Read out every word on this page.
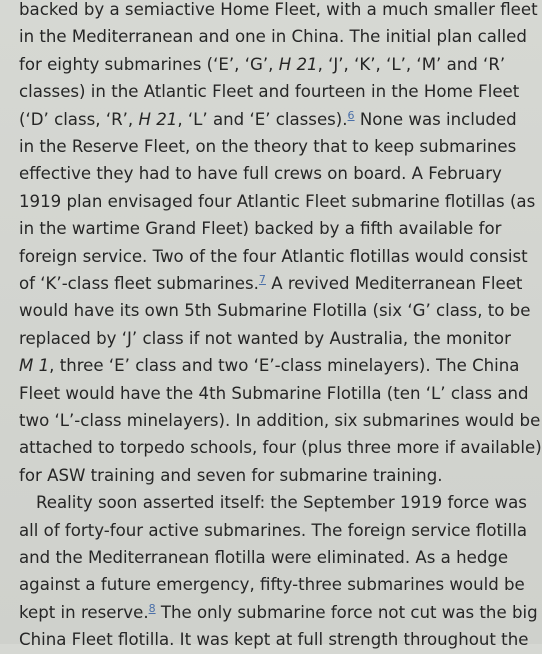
backed by a semiactive Home Fleet, with a much smaller fleet
in the Mediterranean and one in China. The initial plan called
for eighty submarines (‘E’, ‘G’, H 21, ‘J’, ‘K’, ‘L’, ‘M’ and ‘R’
classes) in the Atlantic Fleet and fourteen in the Home Fleet
(‘D’ class, ‘R’, H 21, ‘L’ and ‘E’ classes).$^6$ None was included
in the Reserve Fleet, on the theory that to keep submarines
effective they had to have full crews on board. A February
1919 plan envisaged four Atlantic Fleet submarine flotillas (as
in the wartime Grand Fleet) backed by a fifth available for
foreign service. Two of the four Atlantic flotillas would consist
of ‘K’-class fleet submarines.$^7$ A revived Mediterranean Fleet
would have its own 5th Submarine Flotilla (six ‘G’ class, to be
replaced by ‘J’ class if not wanted by Australia, the monitor
M 1, three ‘E’ class and two ‘E’-class minelayers). The China
Fleet would have the 4th Submarine Flotilla (ten ‘L’ class and
two ‘L’-class minelayers). In addition, six submarines would be
attached to torpedo schools, four (plus three more if available)
for ASW training and seven for submarine training.
Reality soon asserted itself: the September 1919 force was
all of forty-four active submarines. The foreign service flotilla
and the Mediterranean flotilla were eliminated. As a hedge
against a future emergency, fifty-three submarines would be
kept in reserve.$^8$ The only submarine force not cut was the big
China Fleet flotilla. It was kept at full strength throughout the
